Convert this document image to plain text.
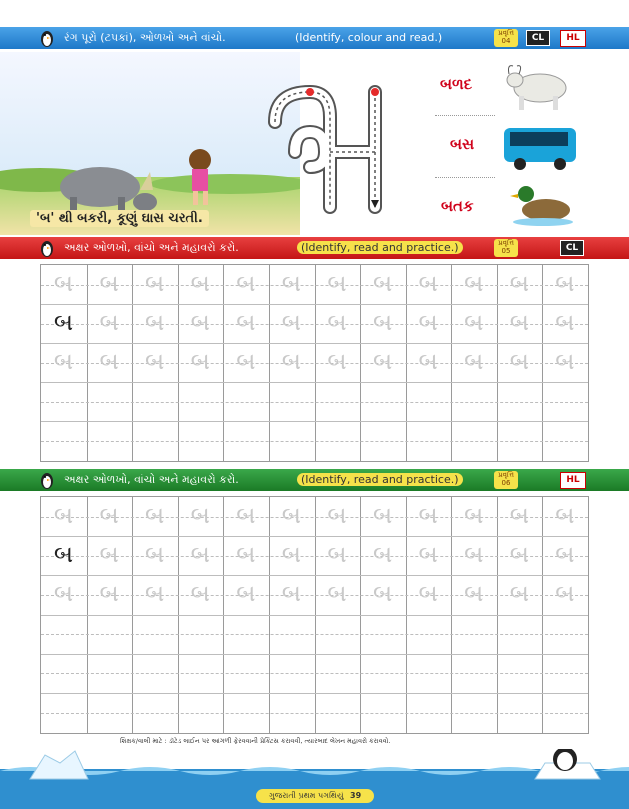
રંગ પૂરો (ટપકાં), ઓળખો અને વાંચો.	(Identify, colour and read.)	પ્રવૃત્તિ 04	CL	HL
'બ' થી બકરી, કૂણું ઘાસ ચરતી.
બળદ
બસ
બતક
અક્ષર ઓળખો, વાંચો અને મહાવરો કરો.	(Identify, read and practice.)	પ્રવૃત્તિ 05	CL
બ	બ	બ	બ	બ	બ	બ	બ	બ	બ	બ	બ
બ	બ	બ	બ	બ	બ	બ	બ	બ	બ	બ	બ
બ	બ	બ	બ	બ	બ	બ	બ	બ	બ	બ	બ
અક્ષર ઓળખો, વાંચો અને મહાવરો કરો.	(Identify, read and practice.)	પ્રવૃત્તિ 06	HL
બ	બ	બ	બ	બ	બ	બ	બ	બ	બ	બ	બ
બ	બ	બ	બ	બ	બ	બ	બ	બ	બ	બ	બ
બ	બ	બ	બ	બ	બ	બ	બ	બ	બ	બ	બ
શિક્ષક/વાલી માટે : ડૉટેડ લાઈન પર આંગળી ફેરવવાની પ્રેક્ટિસ કરાવવી, ત્યારબાદ લેખન મહાવરો કરાવવો.
ગુજરાતી પ્રથમ પગથિયું 39
